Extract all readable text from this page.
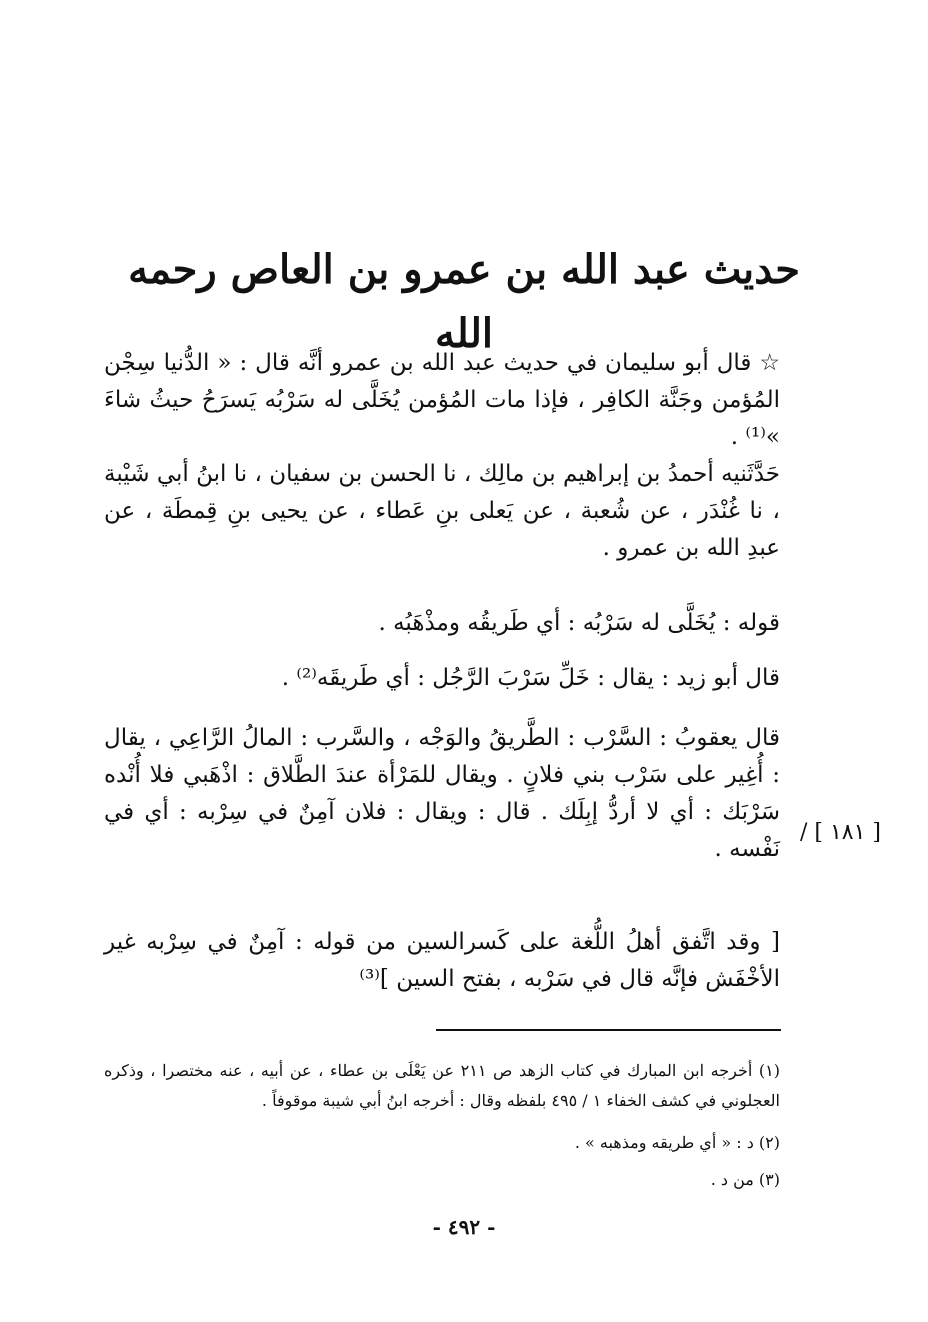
حديث عبد الله بن عمرو بن العاص رحمه الله
☆ قال أبو سليمان في حديث عبد الله بن عمرو أنَّه قال : « الدُّنيا سِجْن المُؤمن وجَنَّة الكافِر ، فإذا مات المُؤمن يُخَلَّى له سَرْبُه يَسرَحُ حيثُ شاءَ »⁽¹⁾ .
حَدَّثَنيه أحمدُ بن إبراهيم بن مالِك ، نا الحسن بن سفيان ، نا ابنُ أبي شَيْبة ، نا غُنْدَر ، عن شُعبة ، عن يَعلى بنِ عَطاء ، عن يحيى بنِ قِمطَة ، عن عبدِ الله بن عمرو .
قوله : يُخَلَّى له سَرْبُه : أي طَريقُه ومذْهَبُه .
قال أبو زيد : يقال : خَلِّ سَرْبَ الرَّجُل : أي طَريقَه⁽²⁾ .
قال يعقوبُ : السَّرْب : الطَّريقُ والوَجْه ، والسَّرب : المالُ الرَّاعِي ، يقال : أُغِير على سَرْب بني فلانٍ . ويقال للمَرْأة عندَ الطَّلاق : اذْهَبي فلا أُنْده سَرْبَك : أي لا أردُّ إبِلَك . قال : ويقال : فلان آمِنٌ في سِرْبه : أي في نَفْسه .
[ وقد اتَّفق أهلُ اللُّغة على كَسرالسين من قوله : آمِنٌ في سِرْبه غير الأخْفَش فإنَّه قال في سَرْبه ، بفتح السين ]⁽³⁾
[ ١٨١ ] /
(١) أخرجه ابن المبارك في كتاب الزهد ص ٢١١ عن يَعْلَى بن عطاء ، عن أبيه ، عنه مختصرا ، وذكره العجلوني في كشف الخفاء ١ / ٤٩٥ بلفظه وقال : أخرجه ابنُ أبي شيبة موقوفاً .
(٢) د : « أي طريقه ومذهبه » .
(٣) من د .
- ٤٩٢ -
